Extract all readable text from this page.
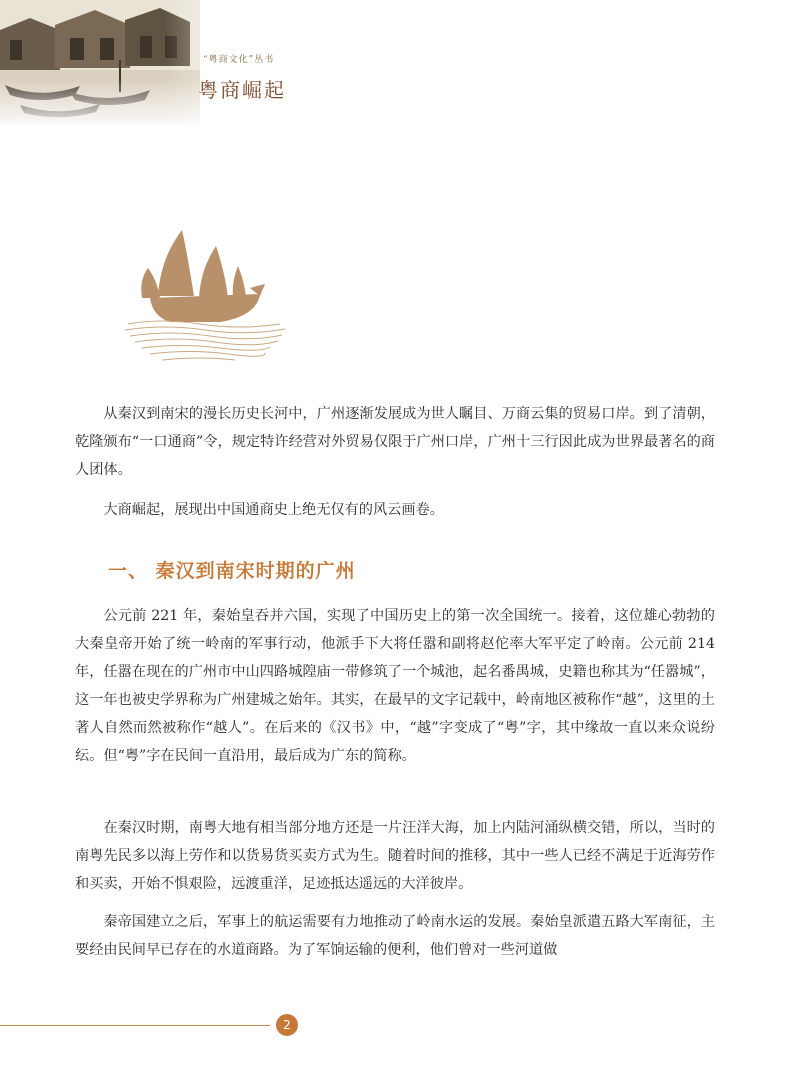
“粤商文化”丛书
粤商崛起

从秦汉到南宋的漫长历史长河中，广州逐渐发展成为世人瞩目、万商云集的贸易口岸。到了清朝，乾隆颁布“一口通商”令，规定特许经营对外贸易仅限于广州口岸，广州十三行因此成为世界最著名的商人团体。

大商崛起，展现出中国通商史上绝无仅有的风云画卷。

一、 秦汉到南宋时期的广州

公元前 221 年，秦始皇吞并六国，实现了中国历史上的第一次全国统一。接着，这位雄心勃勃的大秦皇帝开始了统一岭南的军事行动，他派手下大将任嚣和副将赵佗率大军平定了岭南。公元前 214 年，任嚣在现在的广州市中山四路城隍庙一带修筑了一个城池，起名番禺城，史籍也称其为“任嚣城”，这一年也被史学界称为广州建城之始年。其实，在最早的文字记载中，岭南地区被称作“越”，这里的土著人自然而然被称作“越人”。在后来的《汉书》中，“越”字变成了“粤”字，其中缘故一直以来众说纷纭。但“粤”字在民间一直沿用，最后成为广东的简称。

在秦汉时期，南粤大地有相当部分地方还是一片汪洋大海，加上内陆河涌纵横交错，所以，当时的南粤先民多以海上劳作和以货易货买卖方式为生。随着时间的推移，其中一些人已经不满足于近海劳作和买卖，开始不惧艰险，远渡重洋，足迹抵达遥远的大洋彼岸。

秦帝国建立之后，军事上的航运需要有力地推动了岭南水运的发展。秦始皇派遣五路大军南征，主要经由民间早已存在的水道商路。为了军饷运输的便利，他们曾对一些河道做

2
